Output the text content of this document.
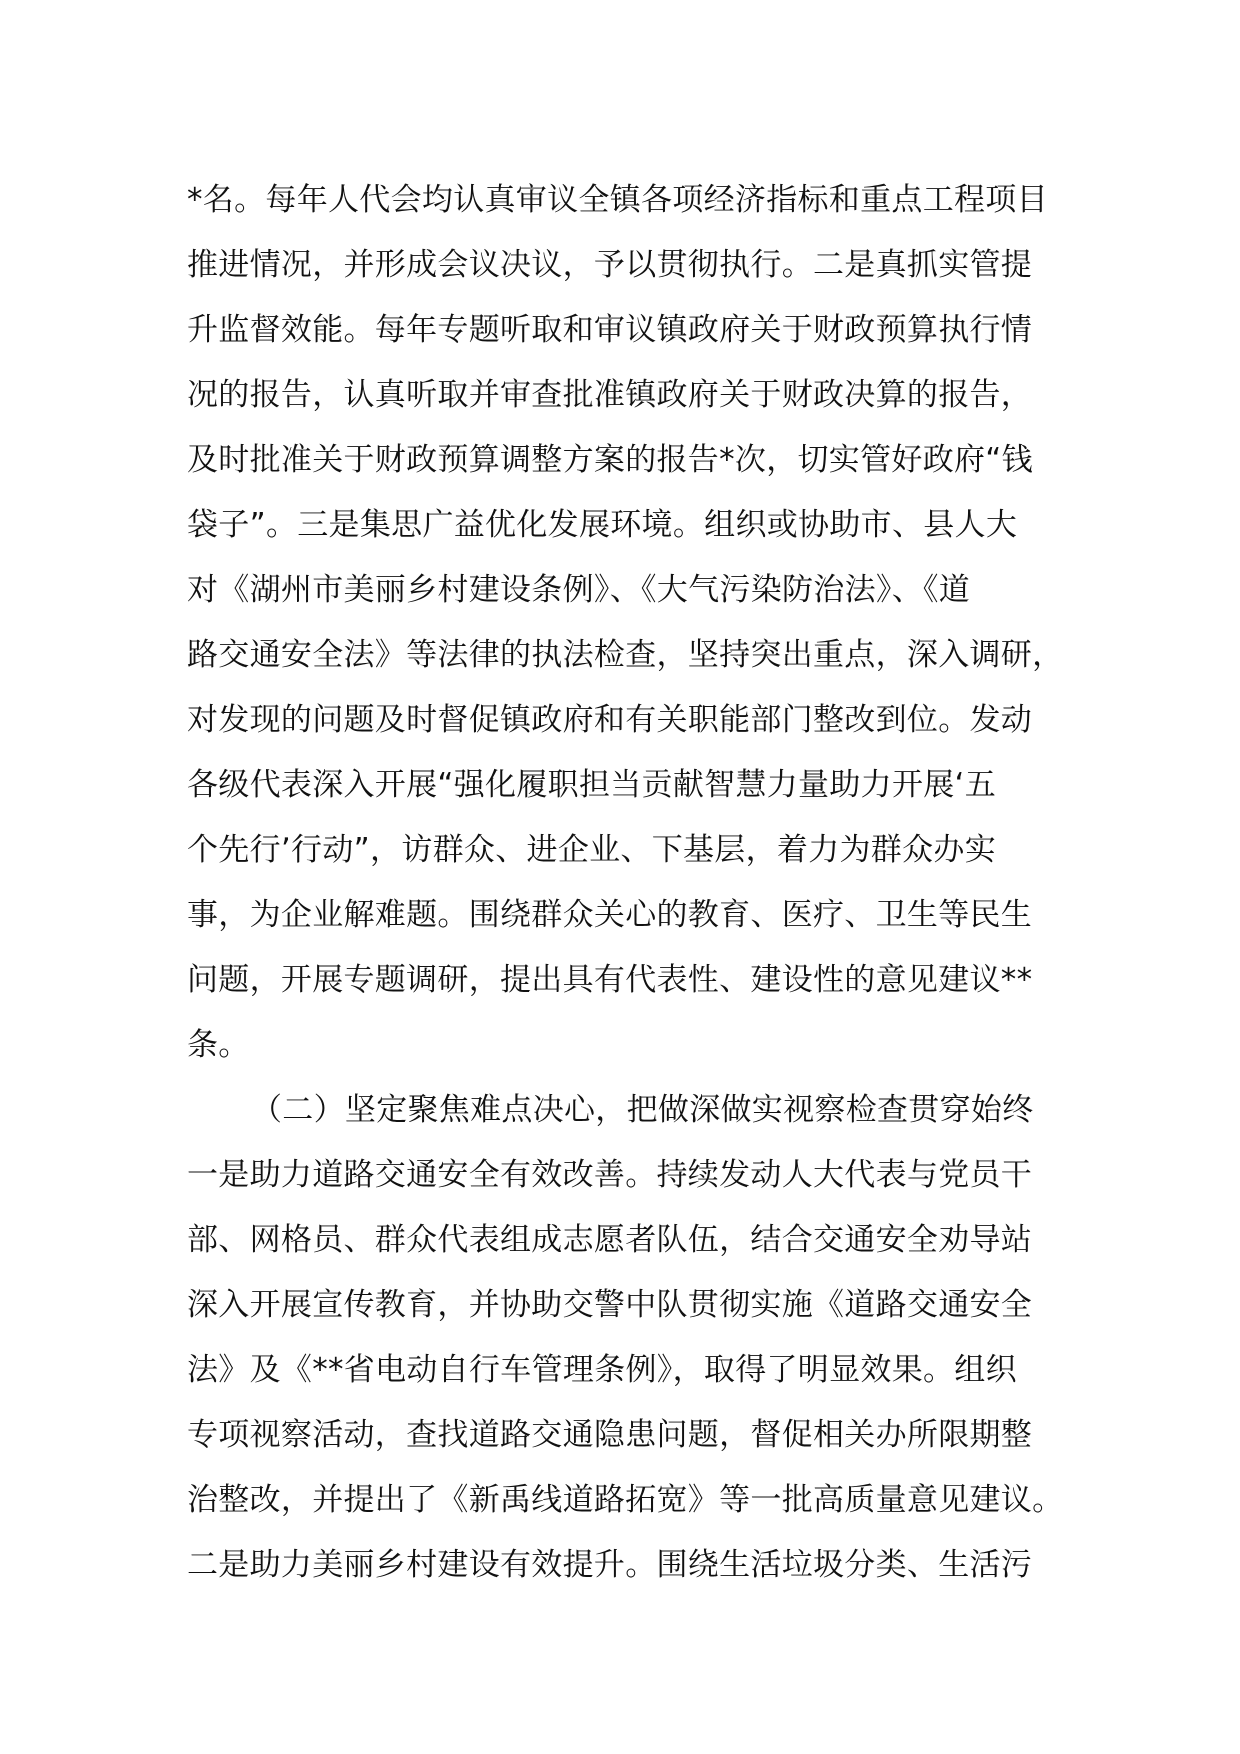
*名。每年人代会均认真审议全镇各项经济指标和重点工程项目
推进情况，并形成会议决议，予以贯彻执行。二是真抓实管提
升监督效能。每年专题听取和审议镇政府关于财政预算执行情
况的报告，认真听取并审查批准镇政府关于财政决算的报告，
及时批准关于财政预算调整方案的报告*次，切实管好政府“钱
袋子”。三是集思广益优化发展环境。组织或协助市、县人大
对《湖州市美丽乡村建设条例》、《大气污染防治法》、《道
路交通安全法》等法律的执法检查，坚持突出重点，深入调研，
对发现的问题及时督促镇政府和有关职能部门整改到位。发动
各级代表深入开展“强化履职担当贡献智慧力量助力开展‘五
个先行’行动”，访群众、进企业、下基层，着力为群众办实
事，为企业解难题。围绕群众关心的教育、医疗、卫生等民生
问题，开展专题调研，提出具有代表性、建设性的意见建议**
条。
（二）坚定聚焦难点决心，把做深做实视察检查贯穿始终
一是助力道路交通安全有效改善。持续发动人大代表与党员干
部、网格员、群众代表组成志愿者队伍，结合交通安全劝导站
深入开展宣传教育，并协助交警中队贯彻实施《道路交通安全
法》及《**省电动自行车管理条例》，取得了明显效果。组织
专项视察活动，查找道路交通隐患问题，督促相关办所限期整
治整改，并提出了《新禹线道路拓宽》等一批高质量意见建议。
二是助力美丽乡村建设有效提升。围绕生活垃圾分类、生活污
